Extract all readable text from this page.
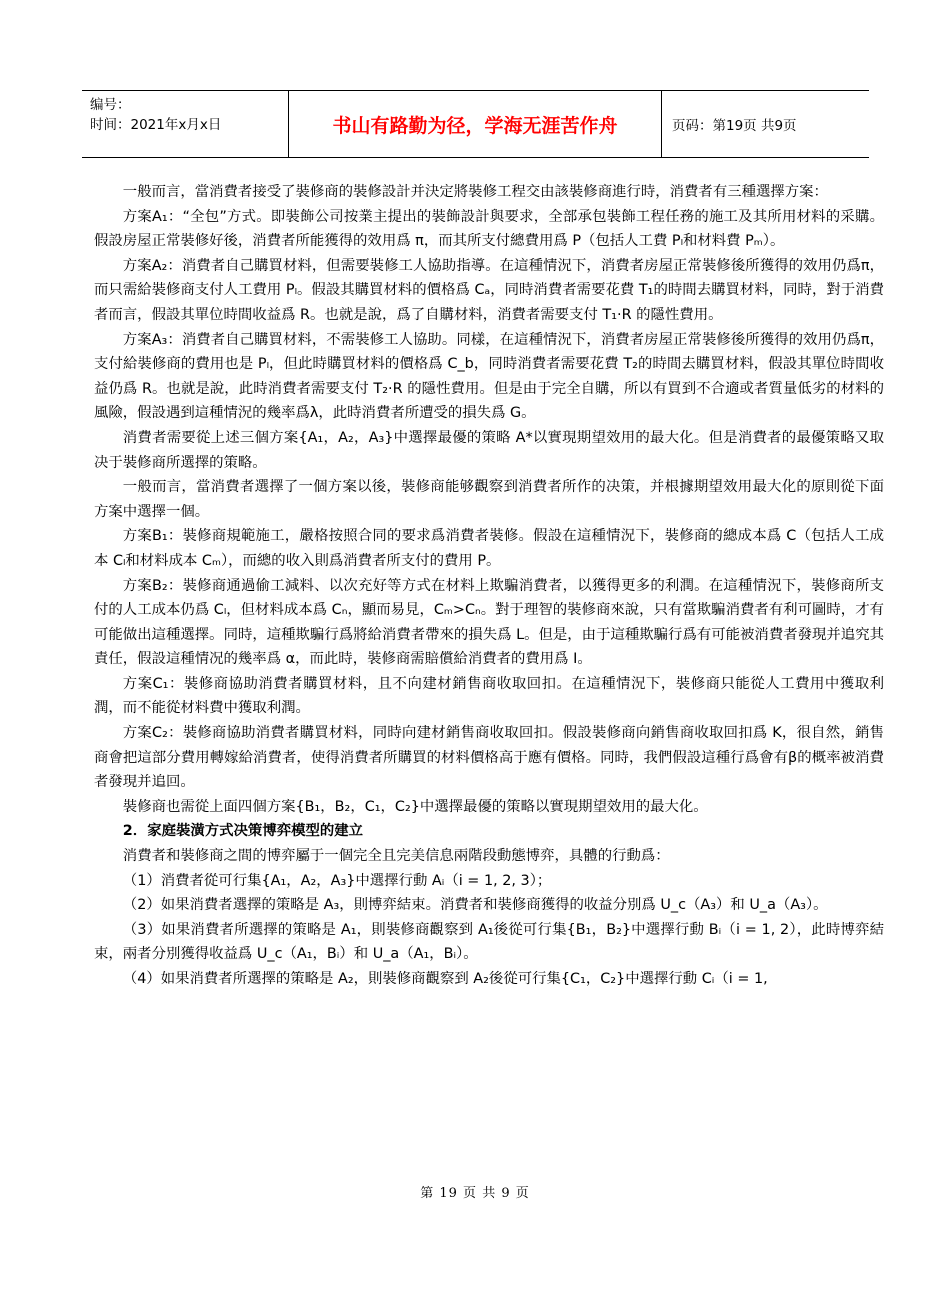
编号：
时间：2021年x月x日	书山有路勤为径，学海无涯苦作舟	页码：第19页 共9页

一般而言，當消費者接受了裝修商的裝修設計并決定將裝修工程交由該裝修商進行時，消費者有三種選擇方案：

方案A₁：“全包”方式。即裝飾公司按業主提出的裝飾設計與要求，全部承包裝飾工程任務的施工及其所用材料的采購。假設房屋正常裝修好後，消費者所能獲得的效用爲 π，而其所支付總費用爲 P（包括人工費 Pₗ和材料費 Pₘ）。

方案A₂：消費者自己購買材料，但需要裝修工人協助指導。在這種情況下，消費者房屋正常裝修後所獲得的效用仍爲π，而只需給裝修商支付人工費用 Pₗ。假設其購買材料的價格爲 Cₐ，同時消費者需要花費 T₁的時間去購買材料，同時，對于消費者而言，假設其單位時間收益爲 R。也就是說，爲了自購材料，消費者需要支付 T₁·R 的隱性費用。

方案A₃：消費者自己購買材料，不需裝修工人協助。同樣，在這種情況下，消費者房屋正常裝修後所獲得的效用仍爲π，支付給裝修商的費用也是 Pₗ，但此時購買材料的價格爲 C_b，同時消費者需要花費 T₂的時間去購買材料，假設其單位時間收益仍爲 R。也就是說，此時消費者需要支付 T₂·R 的隱性費用。但是由于完全自購，所以有買到不合適或者質量低劣的材料的風險，假設遇到這種情況的幾率爲λ，此時消費者所遭受的損失爲 G。

消費者需要從上述三個方案{A₁，A₂，A₃}中選擇最優的策略 A*以實現期望效用的最大化。但是消費者的最優策略又取决于裝修商所選擇的策略。

一般而言，當消費者選擇了一個方案以後，裝修商能够觀察到消費者所作的决策，并根據期望效用最大化的原則從下面方案中選擇一個。

方案B₁：裝修商規範施工，嚴格按照合同的要求爲消費者裝修。假設在這種情況下，裝修商的總成本爲 C（包括人工成本 Cₗ和材料成本 Cₘ），而總的收入則爲消費者所支付的費用 P。

方案B₂：裝修商通過偷工減料、以次充好等方式在材料上欺騙消費者，以獲得更多的利潤。在這種情況下，裝修商所支付的人工成本仍爲 Cₗ，但材料成本爲 Cₙ，顯而易見，Cₘ>Cₙ。對于理智的裝修商來說，只有當欺騙消費者有利可圖時，才有可能做出這種選擇。同時，這種欺騙行爲將給消費者帶來的損失爲 L。但是，由于這種欺騙行爲有可能被消費者發現并追究其責任，假設這種情况的幾率爲 α，而此時，裝修商需賠償給消費者的費用爲 I。

方案C₁：裝修商協助消費者購買材料，且不向建材銷售商收取回扣。在這種情況下，裝修商只能從人工費用中獲取利潤，而不能從材料費中獲取利潤。

方案C₂：裝修商協助消費者購買材料，同時向建材銷售商收取回扣。假設裝修商向銷售商收取回扣爲 K，很自然，銷售商會把這部分費用轉嫁給消費者，使得消費者所購買的材料價格高于應有價格。同時，我們假設這種行爲會有β的概率被消費者發現并追回。

裝修商也需從上面四個方案{B₁，B₂，C₁，C₂}中選擇最優的策略以實現期望效用的最大化。

2．家庭裝潢方式决策博弈模型的建立

消費者和裝修商之間的博弈屬于一個完全且完美信息兩階段動態博弈，具體的行動爲：

（1）消費者從可行集{A₁，A₂，A₃}中選擇行動 Aᵢ（i = 1, 2, 3）；

（2）如果消費者選擇的策略是 A₃，則博弈結束。消費者和裝修商獲得的收益分別爲 U_c（A₃）和 U_a（A₃）。

（3）如果消費者所選擇的策略是 A₁，則裝修商觀察到 A₁後從可行集{B₁，B₂}中選擇行動 Bᵢ（i = 1, 2），此時博弈結束，兩者分別獲得收益爲 U_c（A₁，Bᵢ）和 U_a（A₁，Bᵢ）。

（4）如果消費者所選擇的策略是 A₂，則裝修商觀察到 A₂後從可行集{C₁，C₂}中選擇行動 Cᵢ（i = 1,

第 19 页 共 9 页
